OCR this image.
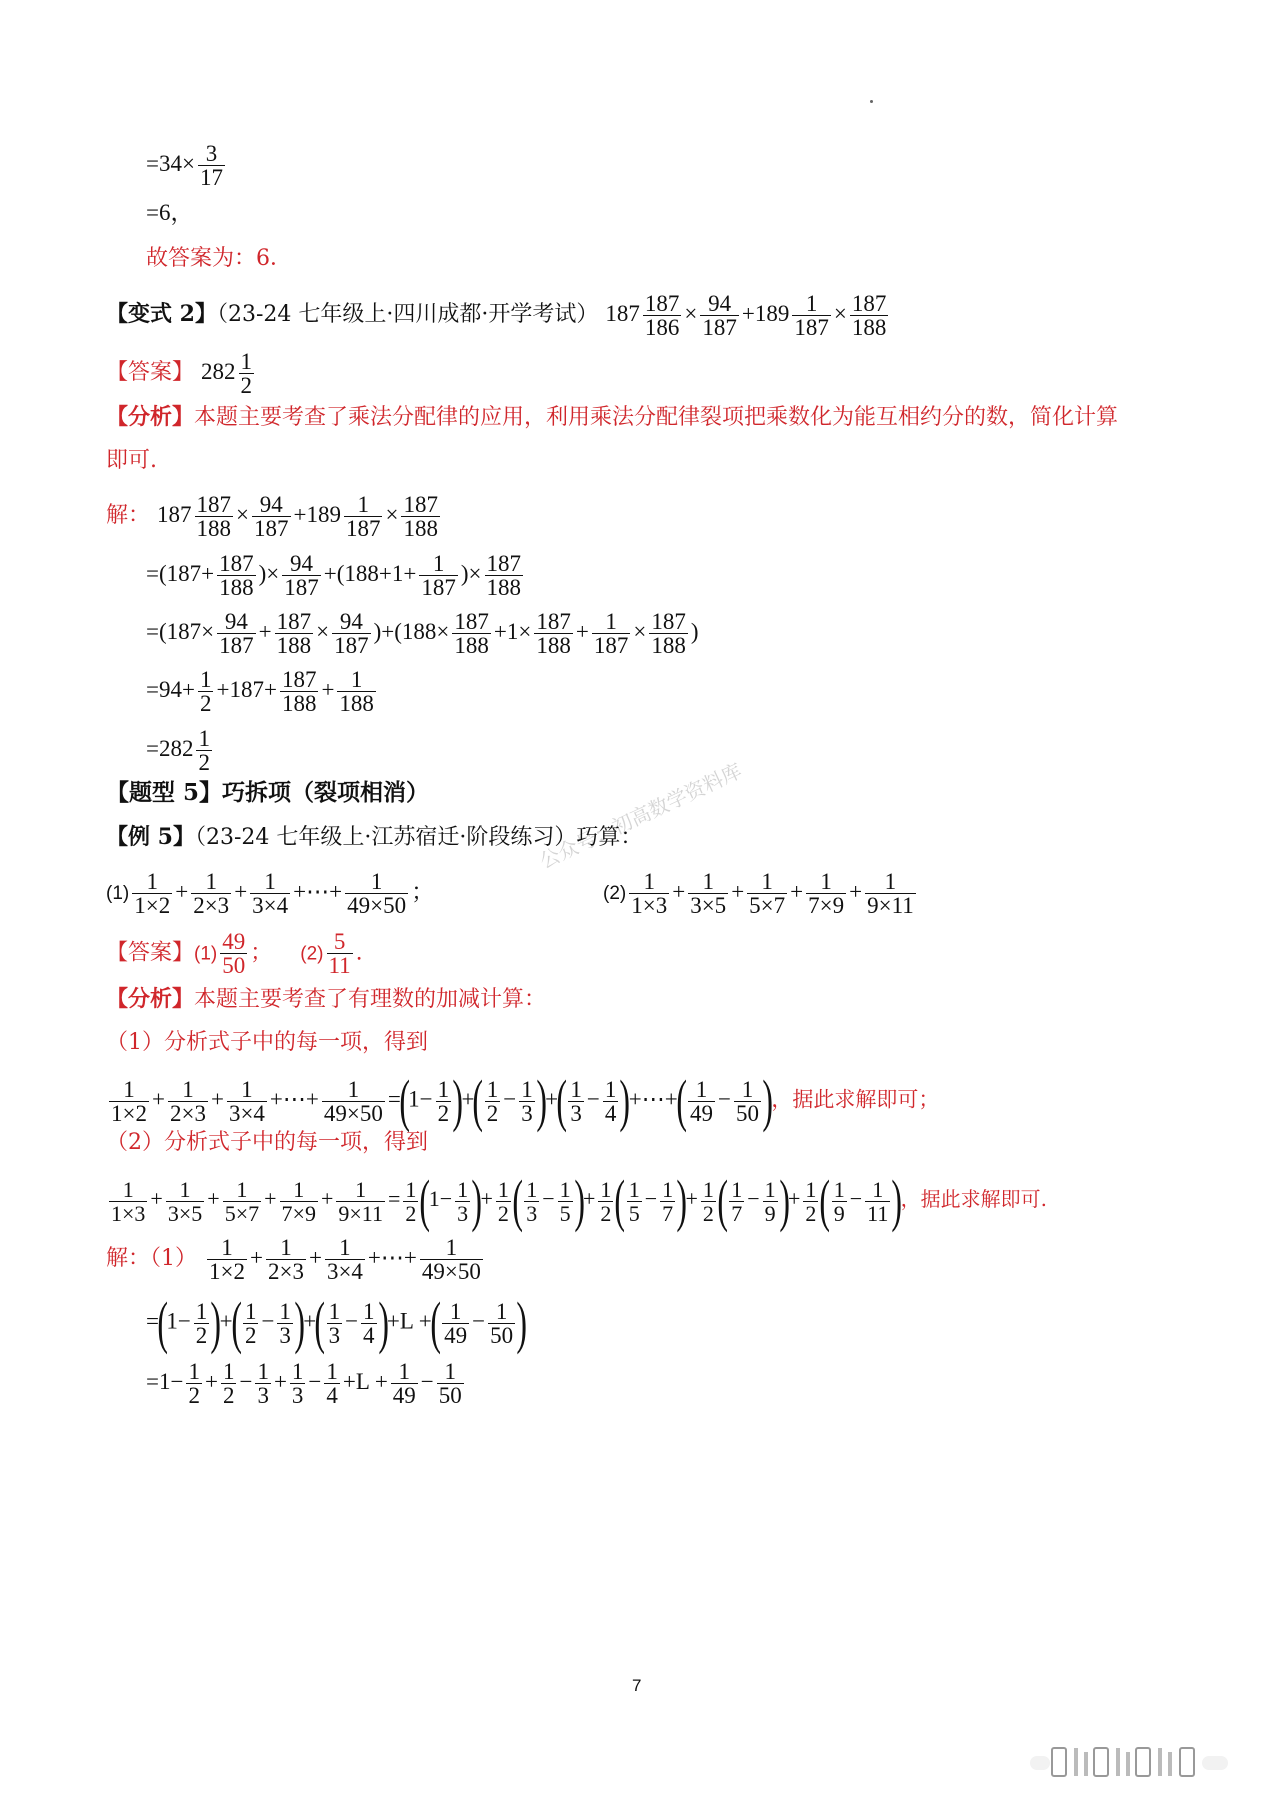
$=34\times \frac{3}{17}$
=6，
故答案为：6．
【变式 2】（23-24 七年级上·四川成都·开学考试） $187 \frac{187}{186} \times \frac{94}{187} +189 \frac{1}{187} \times \frac{187}{188}$
【答案】 $282 \frac{1}{2}$
【分析】本题主要考查了乘法分配律的应用，利用乘法分配律裂项把乘数化为能互相约分的数，简化计算
即可.
解： $187 \frac{187}{188} \times \frac{94}{187} +189 \frac{1}{187} \times \frac{187}{188}$
$=(187+ \frac{187}{188}$ )× $\frac{94}{187} +(188+1+ \frac{1}{187}$ )× $\frac{187}{188}$
$=(187\times \frac{94}{187} + \frac{187}{188} \times \frac{94}{187} )+(188\times \frac{187}{188} +1\times \frac{187}{188} + \frac{1}{187} \times \frac{187}{188}$ )
$=94+ \frac{1}{2} +187+ \frac{187}{188} + \frac{1}{188}$
$=282 \frac{1}{2}$
【题型 5】巧拆项（裂项相消）	公众号：初高数学资料库
【例 5】（23-24 七年级上·江苏宿迁·阶段练习）巧算：
$(1) \frac{1}{1\times 2} + \frac{1}{2\times 3} + \frac{1}{3\times 4}$ +⋯+ $\frac{1}{49\times 50}$ ；	$(2) \frac{1}{1\times 3} + \frac{1}{3\times 5} + \frac{1}{5\times 7} + \frac{1}{7\times 9} + \frac{1}{9\times 11}$
【答案】$(1) \frac{49}{50}$ ； $(2) \frac{5}{11}$ .
【分析】本题主要考查了有理数的加减计算：
（1）分析式子中的每一项，得到
$\frac{1}{1\times 2} + \frac{1}{2\times 3} + \frac{1}{3\times 4}$ +⋯+ $\frac{1}{49\times 50} =(1- \frac{1}{2}$ )+( $\frac{1}{2} - \frac{1}{3}$ )+( $\frac{1}{3} - \frac{1}{4}$ )+⋯+( $\frac{1}{49} - \frac{1}{50}$ )，据此求解即可；
（2）分析式子中的每一项，得到
$\frac{1}{1\times 3} + \frac{1}{3\times 5} + \frac{1}{5\times 7} + \frac{1}{7\times 9} + \frac{1}{9\times 11} = \frac{1}{2} (1- \frac{1}{3}$ )+ $\frac{1}{2}$ ( $\frac{1}{3} - \frac{1}{5}$ )+ $\frac{1}{2}$ ( $\frac{1}{5} - \frac{1}{7}$ )+ $\frac{1}{2}$ ( $\frac{1}{7} - \frac{1}{9}$ )+ $\frac{1}{2}$ ( $\frac{1}{9} - \frac{1}{11}$ )，据此求解即可.
解：$(1) \frac{1}{1\times 2} + \frac{1}{2\times 3} + \frac{1}{3\times 4}$ +⋯+ $\frac{1}{49\times 50}$
$=(1- \frac{1}{2}$ )+( $\frac{1}{2} - \frac{1}{3}$ )+( $\frac{1}{3} - \frac{1}{4} )+L$ +( $\frac{1}{49} - \frac{1}{50}$ )
$=1- \frac{1}{2} + \frac{1}{2} - \frac{1}{3} + \frac{1}{3} - \frac{1}{4} +L + \frac{1}{49} - \frac{1}{50}$
7
